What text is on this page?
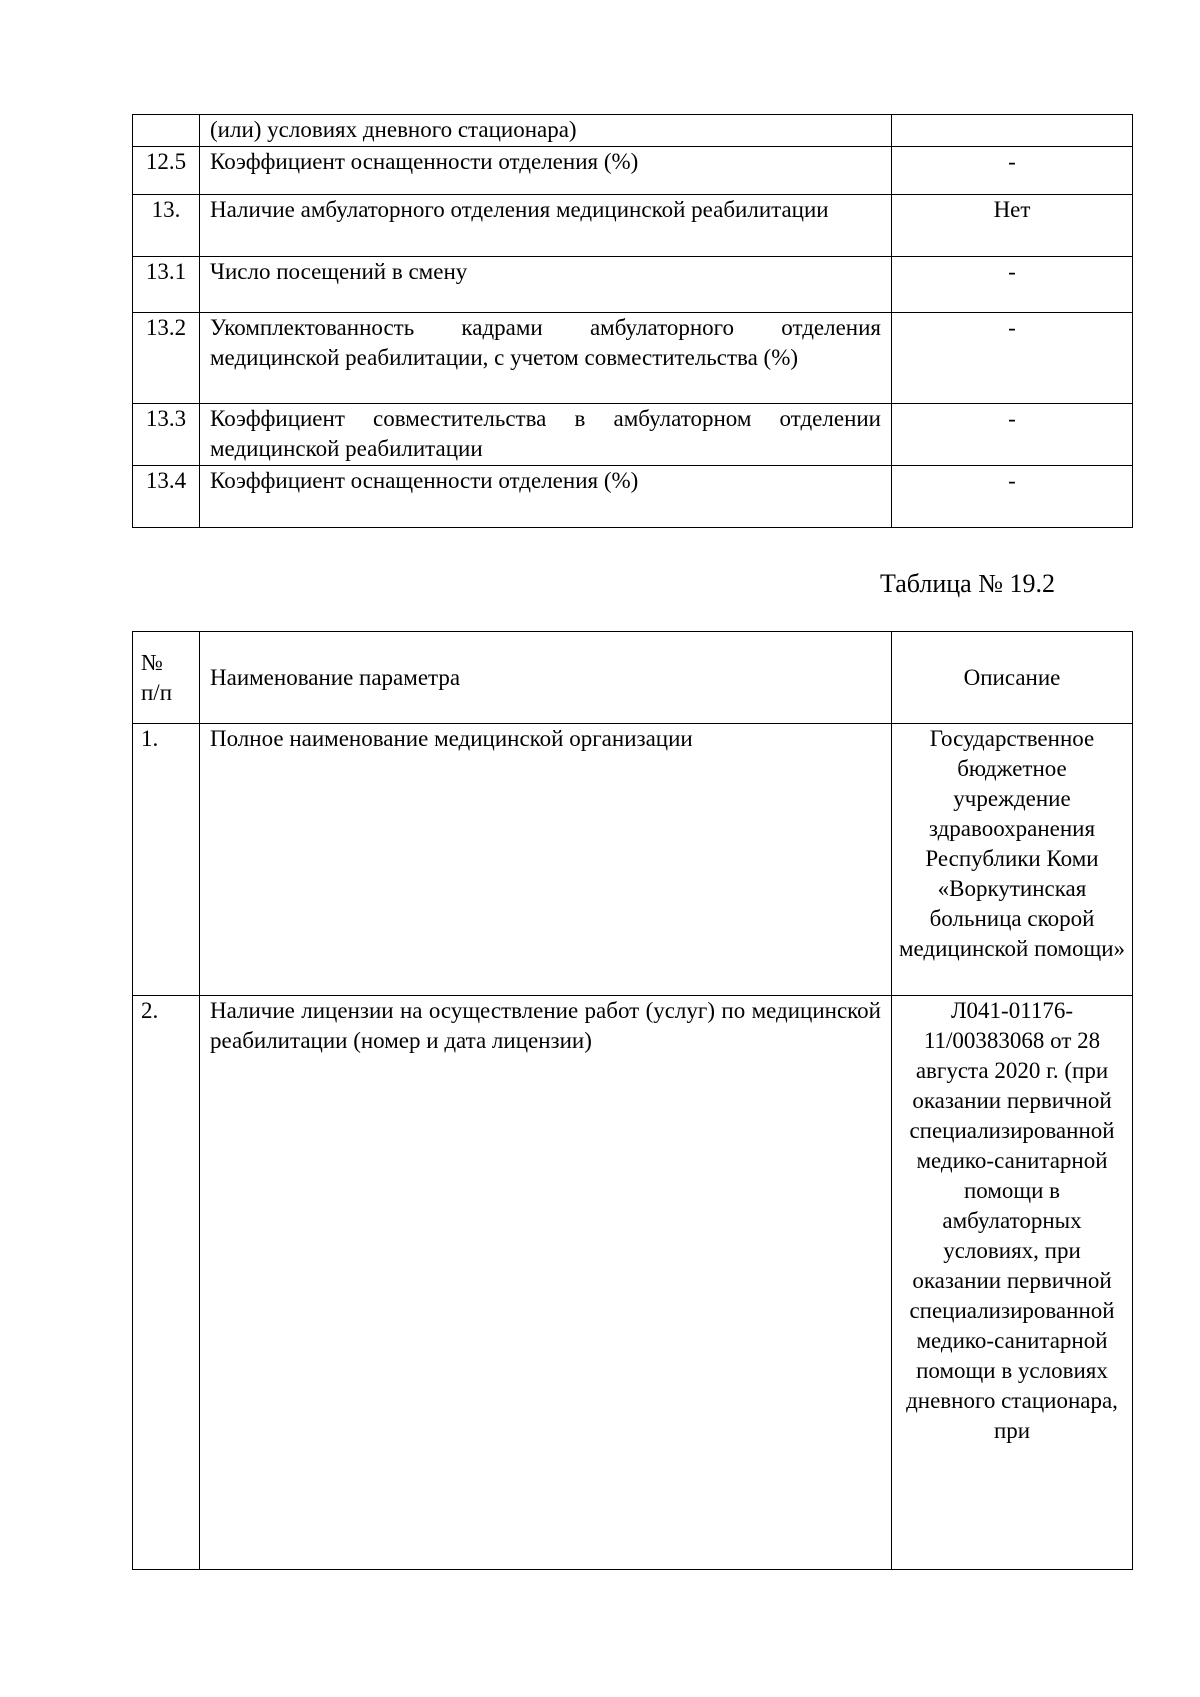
	(или) условиях дневного стационара)	
12.5	Коэффициент оснащенности отделения (%)	-
13.	Наличие амбулаторного отделения медицинской реабилитации	Нет
13.1	Число посещений в смену	-
13.2	Укомплектованность кадрами амбулаторного отделения медицинской реабилитации, с учетом совместительства (%)	-
13.3	Коэффициент совместительства в амбулаторном отделении медицинской реабилитации	-
13.4	Коэффициент оснащенности отделения (%)	-

Таблица № 19.2

№
п/п	Наименование параметра	Описание
1.	Полное наименование медицинской организации	Государственное бюджетное учреждение здравоохранения Республики Коми «Воркутинская больница скорой медицинской помощи»
2.	Наличие лицензии на осуществление работ (услуг) по медицинской реабилитации (номер и дата лицензии)	Л041-01176-11/00383068 от 28 августа 2020 г. (при оказании первичной специализированной медико-санитарной помощи в амбулаторных условиях, при оказании первичной специализированной медико-санитарной помощи в условиях дневного стационара, при
